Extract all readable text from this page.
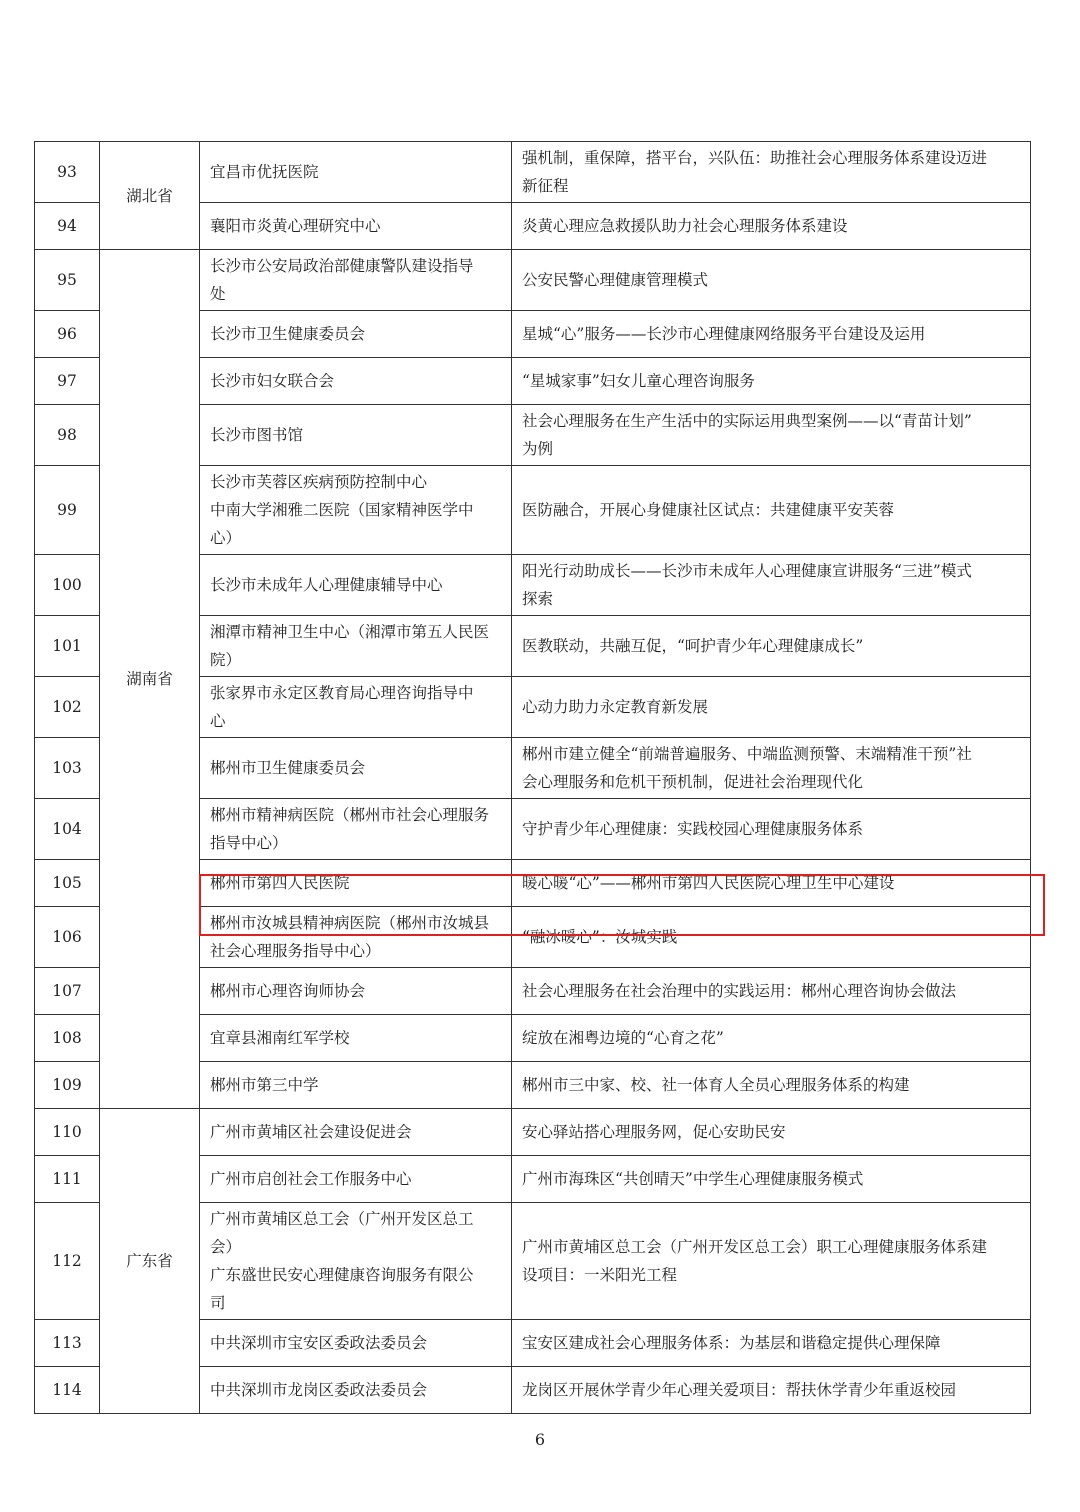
93	湖北省	宜昌市优抚医院	强机制，重保障，搭平台，兴队伍：助推社会心理服务体系建设迈进
新征程

94		襄阳市炎黄心理研究中心	炎黄心理应急救援队助力社会心理服务体系建设

95	湖南省	长沙市公安局政治部健康警队建设指导
处	公安民警心理健康管理模式

96		长沙市卫生健康委员会	星城“心”服务——长沙市心理健康网络服务平台建设及运用

97		长沙市妇女联合会	“星城家事”妇女儿童心理咨询服务

98		长沙市图书馆	社会心理服务在生产生活中的实际运用典型案例——以“青苗计划”
为例

99		长沙市芙蓉区疾病预防控制中心
中南大学湘雅二医院（国家精神医学中
心）	医防融合，开展心身健康社区试点：共建健康平安芙蓉

100		长沙市未成年人心理健康辅导中心	阳光行动助成长——长沙市未成年人心理健康宣讲服务“三进”模式
探索

101		湘潭市精神卫生中心（湘潭市第五人民医
院）	医教联动，共融互促，“呵护青少年心理健康成长”

102		张家界市永定区教育局心理咨询指导中
心	心动力助力永定教育新发展

103		郴州市卫生健康委员会	郴州市建立健全“前端普遍服务、中端监测预警、末端精准干预”社
会心理服务和危机干预机制，促进社会治理现代化

104		郴州市精神病医院（郴州市社会心理服务
指导中心）	守护青少年心理健康：实践校园心理健康服务体系

105		郴州市第四人民医院	暖心暖“心”——郴州市第四人民医院心理卫生中心建设

106		郴州市汝城县精神病医院（郴州市汝城县
社会心理服务指导中心）	“融冰暖心”：汝城实践

107		郴州市心理咨询师协会	社会心理服务在社会治理中的实践运用：郴州心理咨询协会做法

108		宜章县湘南红军学校	绽放在湘粤边境的“心育之花”

109		郴州市第三中学	郴州市三中家、校、社一体育人全员心理服务体系的构建

110	广东省	广州市黄埔区社会建设促进会	安心驿站搭心理服务网，促心安助民安

111		广州市启创社会工作服务中心	广州市海珠区“共创晴天”中学生心理健康服务模式

112		广州市黄埔区总工会（广州开发区总工
会）
广东盛世民安心理健康咨询服务有限公
司	广州市黄埔区总工会（广州开发区总工会）职工心理健康服务体系建
设项目：一米阳光工程

113		中共深圳市宝安区委政法委员会	宝安区建成社会心理服务体系：为基层和谐稳定提供心理保障

114		中共深圳市龙岗区委政法委员会	龙岗区开展休学青少年心理关爱项目：帮扶休学青少年重返校园
6
